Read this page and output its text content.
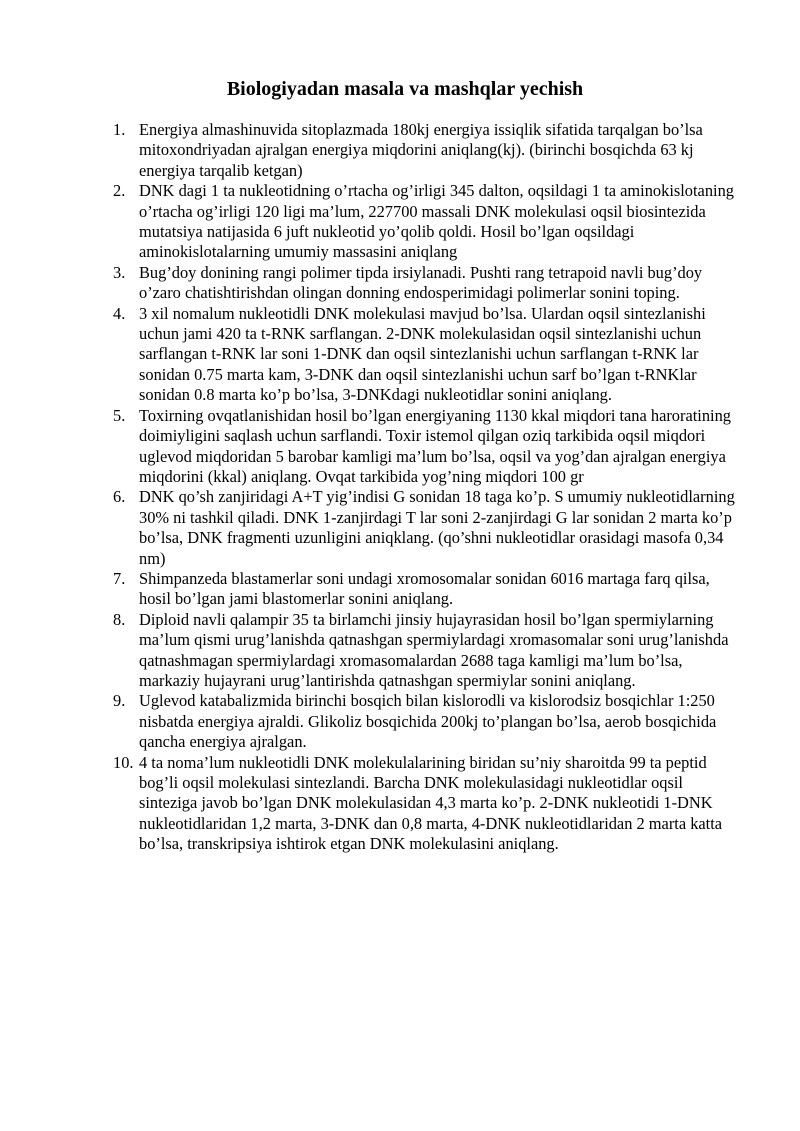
Biologiyadan masala va mashqlar yechish
1. Energiya almashinuvida sitoplazmada 180kj energiya issiqlik sifatida tarqalgan bo’lsa mitoxondriyadan ajralgan energiya miqdorini aniqlang(kj). (birinchi bosqichda 63 kj energiya tarqalib ketgan)
2. DNK dagi 1 ta nukleotidning o’rtacha og’irligi 345 dalton, oqsildagi 1 ta aminokislotaning o’rtacha og’irligi 120 ligi ma’lum, 227700 massali DNK molekulasi oqsil biosintezida mutatsiya natijasida 6 juft nukleotid yo’qolib qoldi. Hosil bo’lgan oqsildagi aminokislotalarning umumiy massasini aniqlang
3. Bug’doy donining rangi polimer tipda irsiylanadi. Pushti rang tetrapoid navli bug’doy o’zaro chatishtirishdan olingan donning endosperimidagi polimerlar sonini toping.
4. 3 xil nomalum nukleotidli DNK molekulasi mavjud bo’lsa. Ulardan oqsil sintezlanishi uchun jami 420 ta t-RNK sarflangan. 2-DNK molekulasidan oqsil sintezlanishi uchun sarflangan t-RNK lar soni 1-DNK dan oqsil sintezlanishi uchun sarflangan t-RNK lar sonidan 0.75 marta kam, 3-DNK dan oqsil sintezlanishi uchun sarf bo’lgan t-RNKlar sonidan 0.8 marta ko’p bo’lsa, 3-DNKdagi nukleotidlar sonini aniqlang.
5. Toxirning ovqatlanishidan hosil bo’lgan energiyaning 1130 kkal miqdori tana haroratining doimiyligini saqlash uchun sarflandi. Toxir istemol qilgan oziq tarkibida oqsil miqdori uglevod miqdoridan 5 barobar kamligi ma’lum bo’lsa, oqsil va yog’dan ajralgan energiya miqdorini (kkal) aniqlang. Ovqat tarkibida yog’ning miqdori 100 gr
6. DNK qo’sh zanjiridagi A+T yig’indisi G sonidan 18 taga ko’p. S umumiy nukleotidlarning 30% ni tashkil qiladi. DNK 1-zanjirdagi T lar soni 2-zanjirdagi G lar sonidan 2 marta ko’p bo’lsa, DNK fragmenti uzunligini aniqklang. (qo’shni nukleotidlar orasidagi masofa 0,34 nm)
7. Shimpanzeda blastamerlar soni undagi xromosomalar sonidan 6016 martaga farq qilsa, hosil bo’lgan jami blastomerlar sonini aniqlang.
8. Diploid navli qalampir 35 ta birlamchi jinsiy hujayrasidan hosil bo’lgan spermiylarning ma’lum qismi urug’lanishda qatnashgan spermiylardagi xromasomalar soni urug’lanishda qatnashmagan spermiylardagi xromasomalardan 2688 taga kamligi ma’lum bo’lsa, markaziy hujayrani urug’lantirishda qatnashgan spermiylar sonini aniqlang.
9. Uglevod katabalizmida birinchi bosqich bilan kislorodli va kislorodsiz bosqichlar 1:250 nisbatda energiya ajraldi. Glikoliz bosqichida 200kj to’plangan bo’lsa, aerob bosqichida qancha energiya ajralgan.
10. 4 ta noma’lum nukleotidli DNK molekulalarining biridan su’niy sharoitda 99 ta peptid bog’li oqsil molekulasi sintezlandi. Barcha DNK molekulasidagi nukleotidlar oqsil sinteziga javob bo’lgan DNK molekulasidan 4,3 marta ko’p. 2-DNK nukleotidi 1-DNK nukleotidlaridan 1,2 marta, 3-DNK dan 0,8 marta, 4-DNK nukleotidlaridan 2 marta katta bo’lsa, transkripsiya ishtirok etgan DNK molekulasini aniqlang.
